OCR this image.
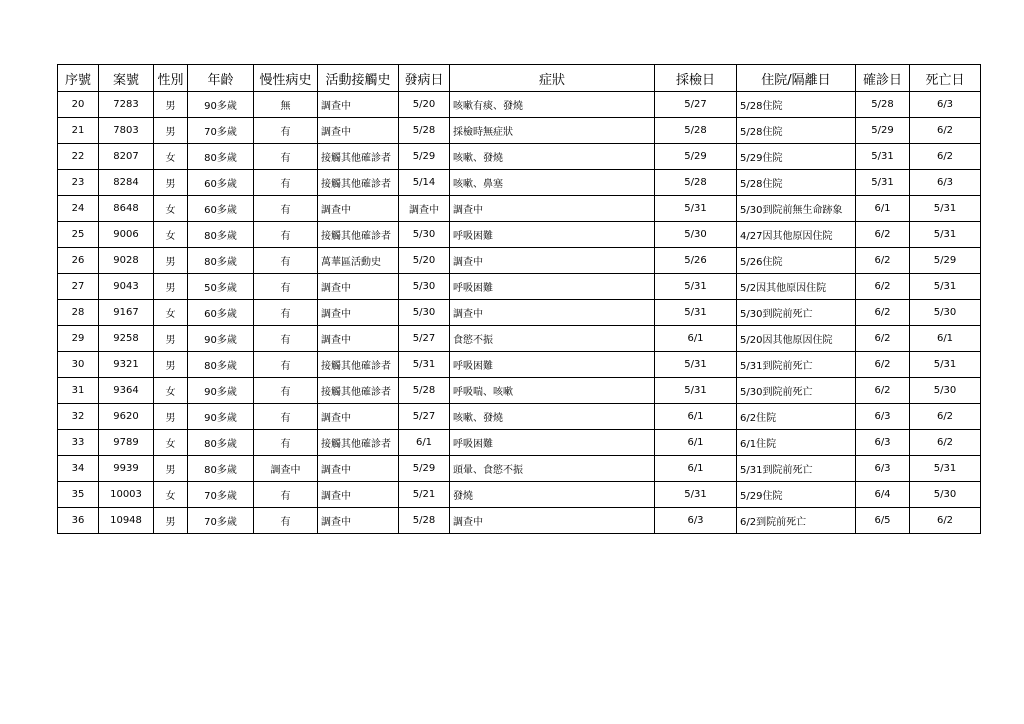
序號	案號	性別	年齡	慢性病史	活動接觸史	發病日	症狀	採檢日	住院/隔離日	確診日	死亡日
20	7283	男	90多歲	無	調查中	5/20	咳嗽有痰、發燒	5/27	5/28住院	5/28	6/3
21	7803	男	70多歲	有	調查中	5/28	採檢時無症狀	5/28	5/28住院	5/29	6/2
22	8207	女	80多歲	有	接觸其他確診者	5/29	咳嗽、發燒	5/29	5/29住院	5/31	6/2
23	8284	男	60多歲	有	接觸其他確診者	5/14	咳嗽、鼻塞	5/28	5/28住院	5/31	6/3
24	8648	女	60多歲	有	調查中	調查中	調查中	5/31	5/30到院前無生命跡象	6/1	5/31
25	9006	女	80多歲	有	接觸其他確診者	5/30	呼吸困難	5/30	4/27因其他原因住院	6/2	5/31
26	9028	男	80多歲	有	萬華區活動史	5/20	調查中	5/26	5/26住院	6/2	5/29
27	9043	男	50多歲	有	調查中	5/30	呼吸困難	5/31	5/2因其他原因住院	6/2	5/31
28	9167	女	60多歲	有	調查中	5/30	調查中	5/31	5/30到院前死亡	6/2	5/30
29	9258	男	90多歲	有	調查中	5/27	食慾不振	6/1	5/20因其他原因住院	6/2	6/1
30	9321	男	80多歲	有	接觸其他確診者	5/31	呼吸困難	5/31	5/31到院前死亡	6/2	5/31
31	9364	女	90多歲	有	接觸其他確診者	5/28	呼吸喘、咳嗽	5/31	5/30到院前死亡	6/2	5/30
32	9620	男	90多歲	有	調查中	5/27	咳嗽、發燒	6/1	6/2住院	6/3	6/2
33	9789	女	80多歲	有	接觸其他確診者	6/1	呼吸困難	6/1	6/1住院	6/3	6/2
34	9939	男	80多歲	調查中	調查中	5/29	頭暈、食慾不振	6/1	5/31到院前死亡	6/3	5/31
35	10003	女	70多歲	有	調查中	5/21	發燒	5/31	5/29住院	6/4	5/30
36	10948	男	70多歲	有	調查中	5/28	調查中	6/3	6/2到院前死亡	6/5	6/2
